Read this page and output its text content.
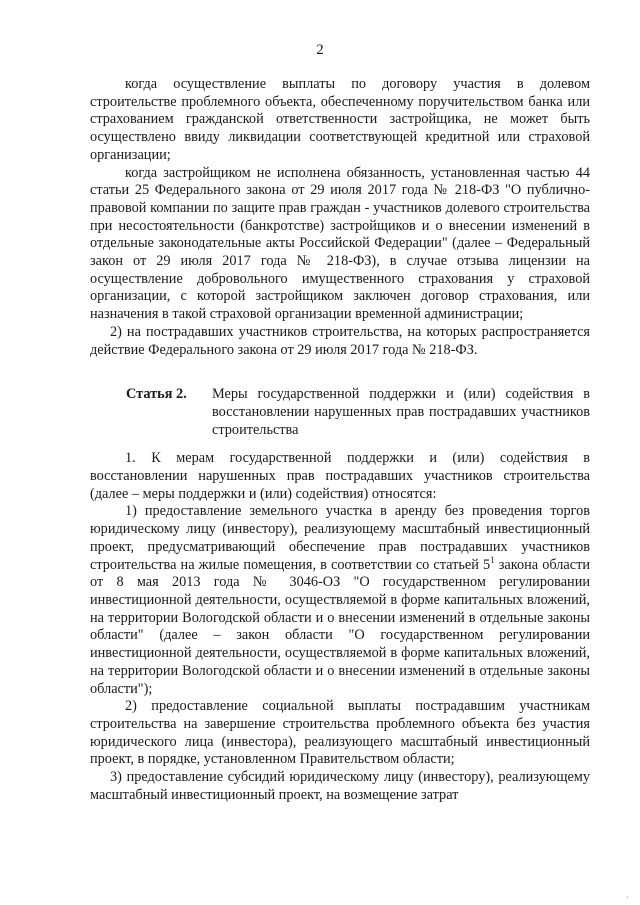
2

когда осуществление выплаты по договору участия в долевом строительстве проблемного объекта, обеспеченному поручительством банка или страхованием гражданской ответственности застройщика, не может быть осуществлено ввиду ликвидации соответствующей кредитной или страховой организации;

когда застройщиком не исполнена обязанность, установленная частью 44 статьи 25 Федерального закона от 29 июля 2017 года № 218-ФЗ "О публично-правовой компании по защите прав граждан - участников долевого строительства при несостоятельности (банкротстве) застройщиков и о внесении изменений в отдельные законодательные акты Российской Федерации" (далее – Федеральный закон от 29 июля 2017 года № 218-ФЗ), в случае отзыва лицензии на осуществление добровольного имущественного страхования у страховой организации, с которой застройщиком заключен договор страхования, или назначения в такой страховой организации временной администрации;

2) на пострадавших участников строительства, на которых распространяется действие Федерального закона от 29 июля 2017 года № 218-ФЗ.

Статья 2.	Меры государственной поддержки и (или) содействия в восстановлении нарушенных прав пострадавших участников строительства

1. К мерам государственной поддержки и (или) содействия в восстановлении нарушенных прав пострадавших участников строительства (далее – меры поддержки и (или) содействия) относятся:

1) предоставление земельного участка в аренду без проведения торгов юридическому лицу (инвестору), реализующему масштабный инвестиционный проект, предусматривающий обеспечение прав пострадавших участников строительства на жилые помещения, в соответствии со статьей $5^1$ закона области от 8 мая 2013 года № 3046-ОЗ "О государственном регулировании инвестиционной деятельности, осуществляемой в форме капитальных вложений, на территории Вологодской области и о внесении изменений в отдельные законы области" (далее – закон области "О государственном регулировании инвестиционной деятельности, осуществляемой в форме капитальных вложений, на территории Вологодской области и о внесении изменений в отдельные законы области");

2) предоставление социальной выплаты пострадавшим участникам строительства на завершение строительства проблемного объекта без участия юридического лица (инвестора), реализующего масштабный инвестиционный проект, в порядке, установленном Правительством области;

3) предоставление субсидий юридическому лицу (инвестору), реализующему масштабный инвестиционный проект, на возмещение затрат

·
